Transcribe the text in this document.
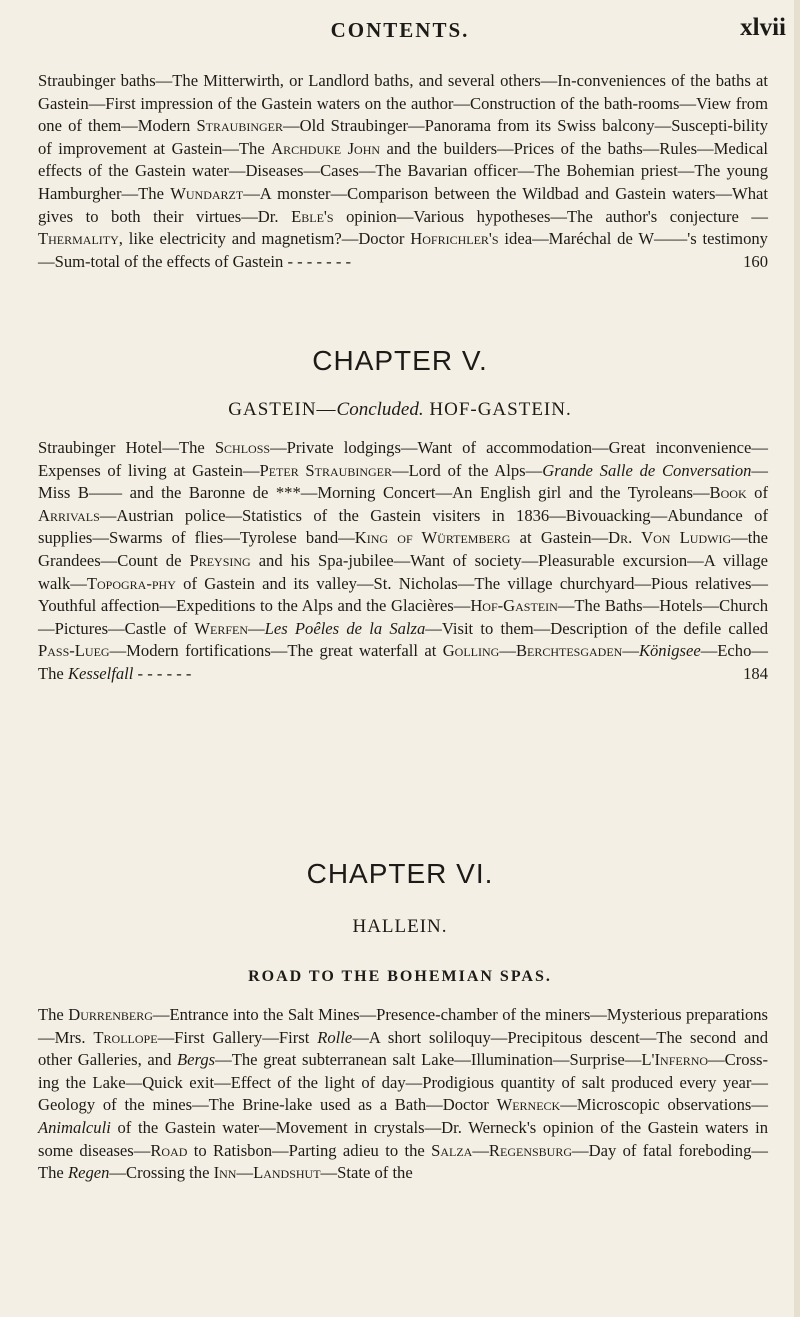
CONTENTS.	xlvii
Straubinger baths—The Mitterwirth, or Landlord baths, and several others—In-conveniences of the baths at Gastein—First impression of the Gastein waters on the author—Construction of the bath-rooms—View from one of them—Modern Straubinger—Old Straubinger—Panorama from its Swiss balcony—Suscepti-bility of improvement at Gastein—The Archduke John and the builders—Prices of the baths—Rules—Medical effects of the Gastein water—Diseases—Cases—The Bavarian officer—The Bohemian priest—The young Hamburgher—The Wundarzt—A monster—Comparison between the Wildbad and Gastein waters—What gives to both their virtues—Dr. Eble's opinion—Various hypotheses—The author's conjecture — Thermality, like electricity and magnetism?—Doctor Hofrichler's idea—Maréchal de W——'s testimony—Sum-total of the effects of Gastein - - - - - - -	160
CHAPTER V.
GASTEIN—Concluded. HOF-GASTEIN.
Straubinger Hotel—The Schloss—Private lodgings—Want of accommodation—Great inconvenience—Expenses of living at Gastein—Peter Straubinger—Lord of the Alps—Grande Salle de Conversation—Miss B—— and the Baronne de ***—Morning Concert—An English girl and the Tyroleans—Book of Arrivals—Austrian police—Statistics of the Gastein visiters in 1836—Bivouacking—Abundance of supplies—Swarms of flies—Tyrolese band—King of Würtemberg at Gastein—Dr. Von Ludwig—the Grandees—Count de Preysing and his Spa-jubilee—Want of society—Pleasurable excursion—A village walk—Topogra-phy of Gastein and its valley—St. Nicholas—The village churchyard—Pious relatives—Youthful affection—Expeditions to the Alps and the Glacières—Hof-Gastein—The Baths—Hotels—Church—Pictures—Castle of Werfen—Les Poêles de la Salza—Visit to them—Description of the defile called Pass-Lueg—Modern fortifications—The great waterfall at Golling—Berchtesgaden—Königsee—Echo—The Kesselfall - - - - - -	184
CHAPTER VI.
HALLEIN.
ROAD TO THE BOHEMIAN SPAS.
The Durrenberg—Entrance into the Salt Mines—Presence-chamber of the miners—Mysterious preparations—Mrs. Trollope—First Gallery—First Rolle—A short soliloquy—Precipitous descent—The second and other Galleries, and Bergs—The great subterranean salt Lake—Illumination—Surprise—L'Inferno—Cross-ing the Lake—Quick exit—Effect of the light of day—Prodigious quantity of salt produced every year—Geology of the mines—The Brine-lake used as a Bath—Doctor Werneck—Microscopic observations—Animalculi of the Gastein water—Movement in crystals—Dr. Werneck's opinion of the Gastein waters in some diseases—Road to Ratisbon—Parting adieu to the Salza—Regensburg—Day of fatal foreboding—The Regen—Crossing the Inn—Landshut—State of the
